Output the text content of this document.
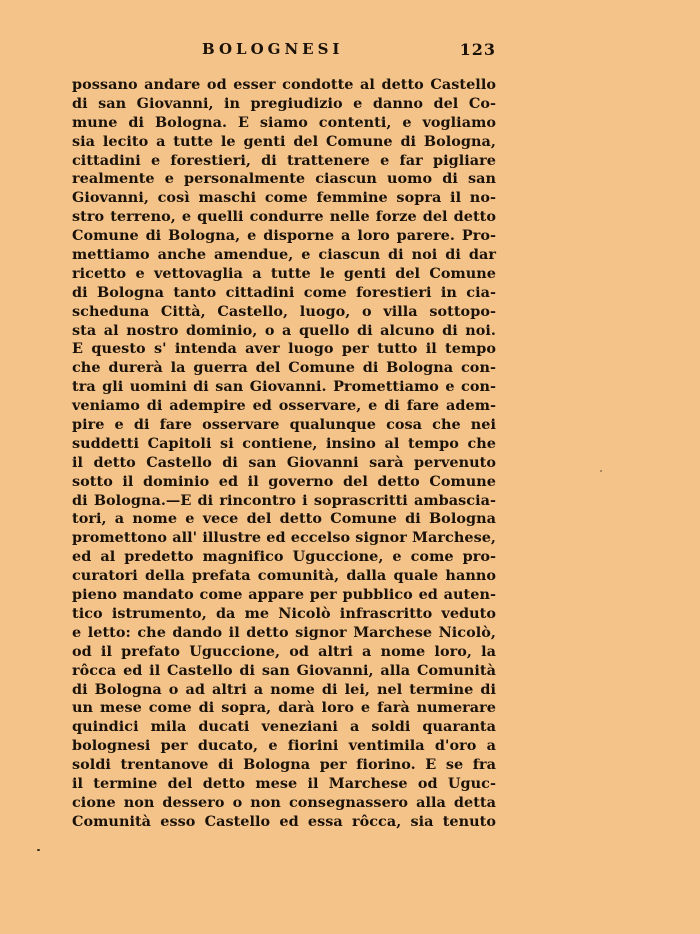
BOLOGNESI	123
possano andare od esser condotte al detto Castello
di san Giovanni, in pregiudizio e danno del Co-
mune di Bologna. E siamo contenti, e vogliamo
sia lecito a tutte le genti del Comune di Bologna,
cittadini e forestieri, di trattenere e far pigliare
realmente e personalmente ciascun uomo di san
Giovanni, così maschi come femmine sopra il no-
stro terreno, e quelli condurre nelle forze del detto
Comune di Bologna, e disporne a loro parere. Pro-
mettiamo anche amendue, e ciascun di noi di dar
ricetto e vettovaglia a tutte le genti del Comune
di Bologna tanto cittadini come forestieri in cia-
scheduna Città, Castello, luogo, o villa sottopo-
sta al nostro dominio, o a quello di alcuno di noi.
E questo s' intenda aver luogo per tutto il tempo
che durerà la guerra del Comune di Bologna con-
tra gli uomini di san Giovanni. Promettiamo e con-
veniamo di adempire ed osservare, e di fare adem-
pire e di fare osservare qualunque cosa che nei
suddetti Capitoli si contiene, insino al tempo che
il detto Castello di san Giovanni sarà pervenuto
sotto il dominio ed il governo del detto Comune
di Bologna.—E di rincontro i soprascritti ambascia-
tori, a nome e vece del detto Comune di Bologna
promettono all' illustre ed eccelso signor Marchese,
ed al predetto magnifico Uguccione, e come pro-
curatori della prefata comunità, dalla quale hanno
pieno mandato come appare per pubblico ed auten-
tico istrumento, da me Nicolò infrascritto veduto
e letto: che dando il detto signor Marchese Nicolò,
od il prefato Uguccione, od altri a nome loro, la
rôcca ed il Castello di san Giovanni, alla Comunità
di Bologna o ad altri a nome di lei, nel termine di
un mese come di sopra, darà loro e farà numerare
quindici mila ducati veneziani a soldi quaranta
bolognesi per ducato, e fiorini ventimila d'oro a
soldi trentanove di Bologna per fiorino. E se fra
il termine del detto mese il Marchese od Uguc-
cione non dessero o non consegnassero alla detta
Comunità esso Castello ed essa rôcca, sia tenuto
